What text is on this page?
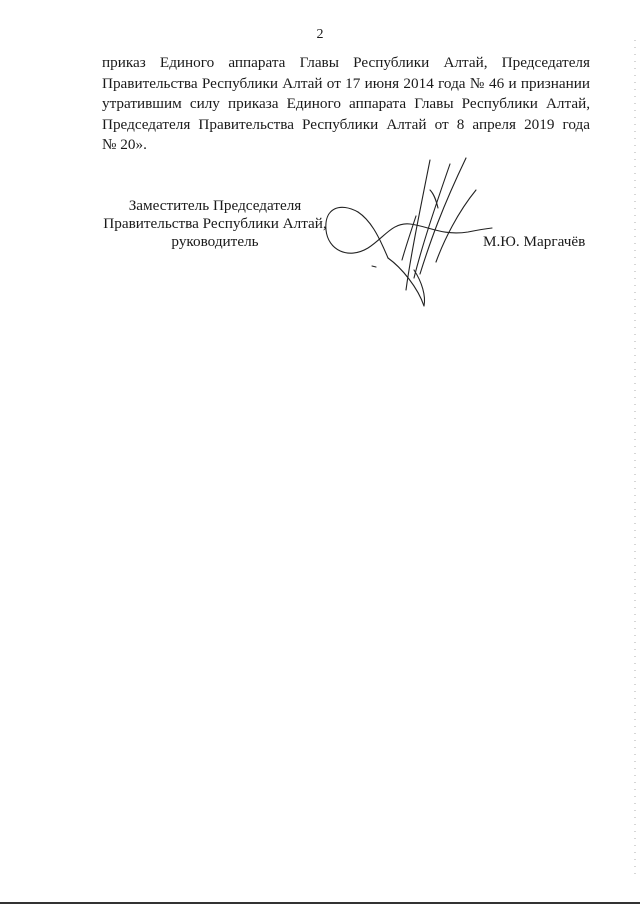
2

приказ Единого аппарата Главы Республики Алтай, Председателя
Правительства Республики Алтай от 17 июня 2014 года № 46 и признании
утратившим силу приказа Единого аппарата Главы Республики Алтай,
Председателя Правительства Республики Алтай от 8 апреля 2019 года
№ 20».

Заместитель Председателя
Правительства Республики Алтай,
руководитель	М.Ю. Маргачёв
